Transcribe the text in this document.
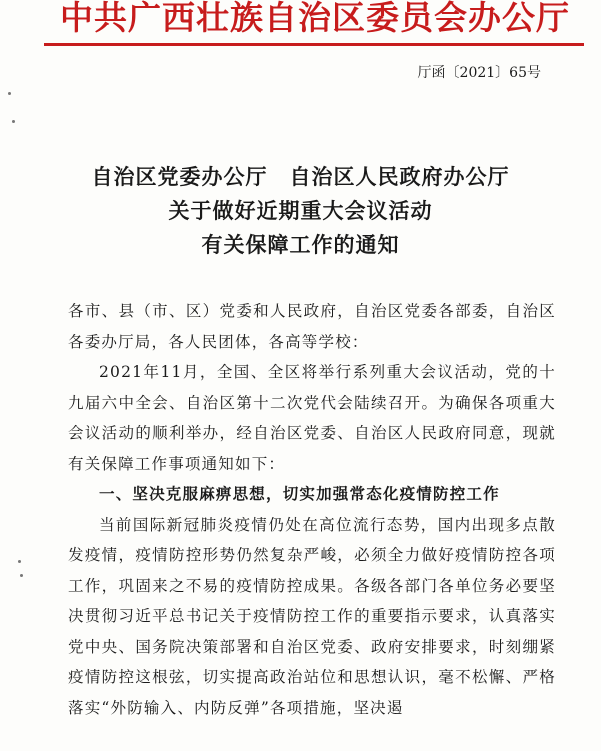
中共广西壮族自治区委员会办公厅
厅函〔2021〕65号
自治区党委办公厅　自治区人民政府办公厅
关于做好近期重大会议活动
有关保障工作的通知

各市、县（市、区）党委和人民政府，自治区党委各部委，自治区各委办厅局，各人民团体，各高等学校：

2021年11月，全国、全区将举行系列重大会议活动，党的十九届六中全会、自治区第十二次党代会陆续召开。为确保各项重大会议活动的顺利举办，经自治区党委、自治区人民政府同意，现就有关保障工作事项通知如下：

一、坚决克服麻痹思想，切实加强常态化疫情防控工作

当前国际新冠肺炎疫情仍处在高位流行态势，国内出现多点散发疫情，疫情防控形势仍然复杂严峻，必须全力做好疫情防控各项工作，巩固来之不易的疫情防控成果。各级各部门各单位务必要坚决贯彻习近平总书记关于疫情防控工作的重要指示要求，认真落实党中央、国务院决策部署和自治区党委、政府安排要求，时刻绷紧疫情防控这根弦，切实提高政治站位和思想认识，毫不松懈、严格落实“外防输入、内防反弹”各项措施，坚决遏
